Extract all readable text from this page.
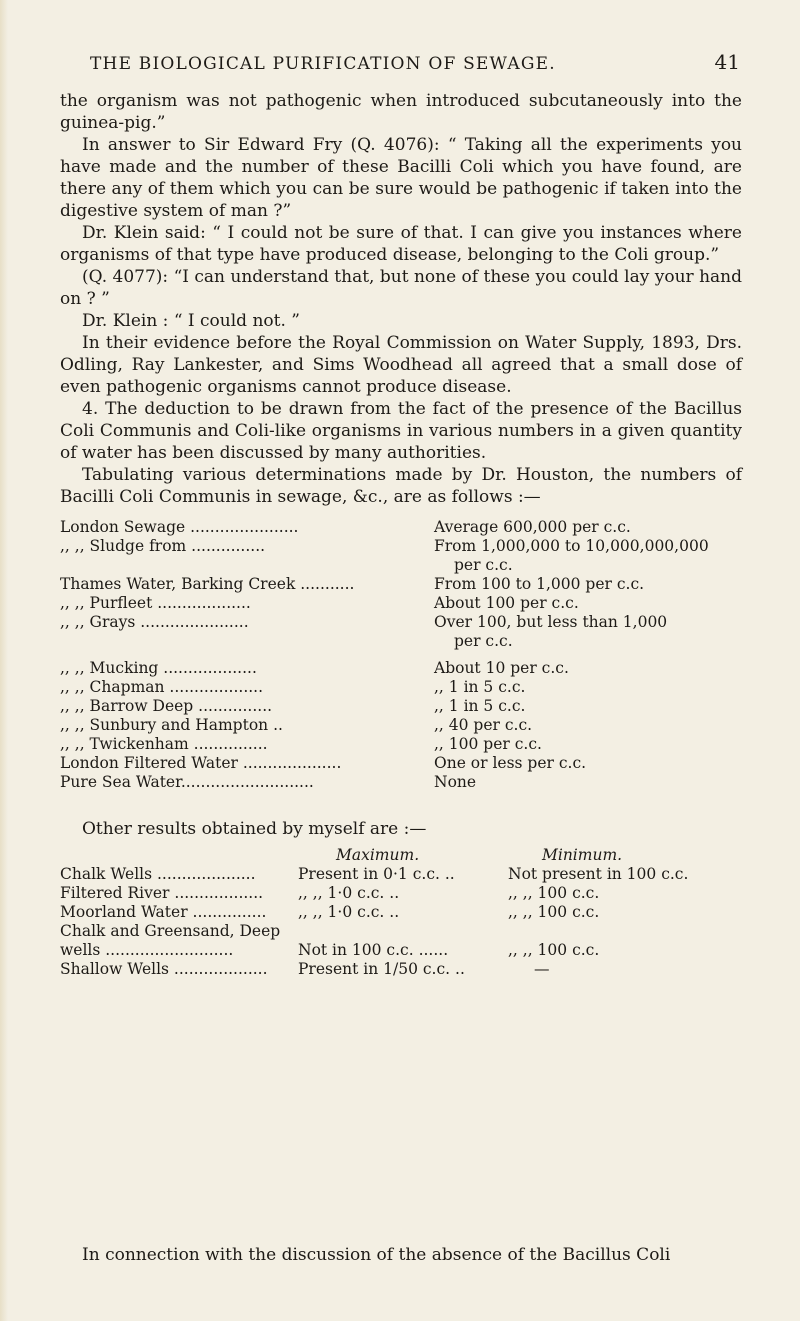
THE BIOLOGICAL PURIFICATION OF SEWAGE.	41

the organism was not pathogenic when introduced subcutaneously into the guinea-pig.”

In answer to Sir Edward Fry (Q. 4076): “ Taking all the experiments you have made and the number of these Bacilli Coli which you have found, are there any of them which you can be sure would be pathogenic if taken into the digestive system of man ?”

Dr. Klein said: “ I could not be sure of that. I can give you instances where organisms of that type have produced disease, belonging to the Coli group.”

(Q. 4077): “I can understand that, but none of these you could lay your hand on ? ”

Dr. Klein : “ I could not. ”

In their evidence before the Royal Commission on Water Supply, 1893, Drs. Odling, Ray Lankester, and Sims Woodhead all agreed that a small dose of even pathogenic organisms cannot produce disease.

4. The deduction to be drawn from the fact of the presence of the Bacillus Coli Communis and Coli-like organisms in various numbers in a given quantity of water has been discussed by many authorities.

Tabulating various determinations made by Dr. Houston, the numbers of Bacilli Coli Communis in sewage, &c., are as follows :—

London Sewage ......................	Average 600,000 per c.c.
,, ,, Sludge from ...............	From 1,000,000 to 10,000,000,000
per c.c.
Thames Water, Barking Creek ...........	From 100 to 1,000 per c.c.
,, ,, Purfleet ...................	About 100 per c.c.
,, ,, Grays ......................	Over 100, but less than 1,000
per c.c.
,, ,, Mucking ...................	About 10 per c.c.
,, ,, Chapman ...................	,, 1 in 5 c.c.
,, ,, Barrow Deep ...............	,, 1 in 5 c.c.
,, ,, Sunbury and Hampton ..	,, 40 per c.c.
,, ,, Twickenham ...............	,, 100 per c.c.
London Filtered Water ....................	One or less per c.c.
Pure Sea Water...........................	None

Other results obtained by myself are :—

Maximum.	Minimum.
Chalk Wells ....................	Present in 0·1 c.c. ..	Not present in 100 c.c.
Filtered River .................. ,, ,, 1·0 c.c. ..	,, ,, 100 c.c.
Moorland Water ............... ,, ,, 1·0 c.c. ..	,, ,, 100 c.c.
Chalk and Greensand, Deep
wells ..........................	Not in 100 c.c. ......	,, ,, 100 c.c.
Shallow Wells ................... Present in 1/50 c.c. ..	—

In connection with the discussion of the absence of the Bacillus Coli
